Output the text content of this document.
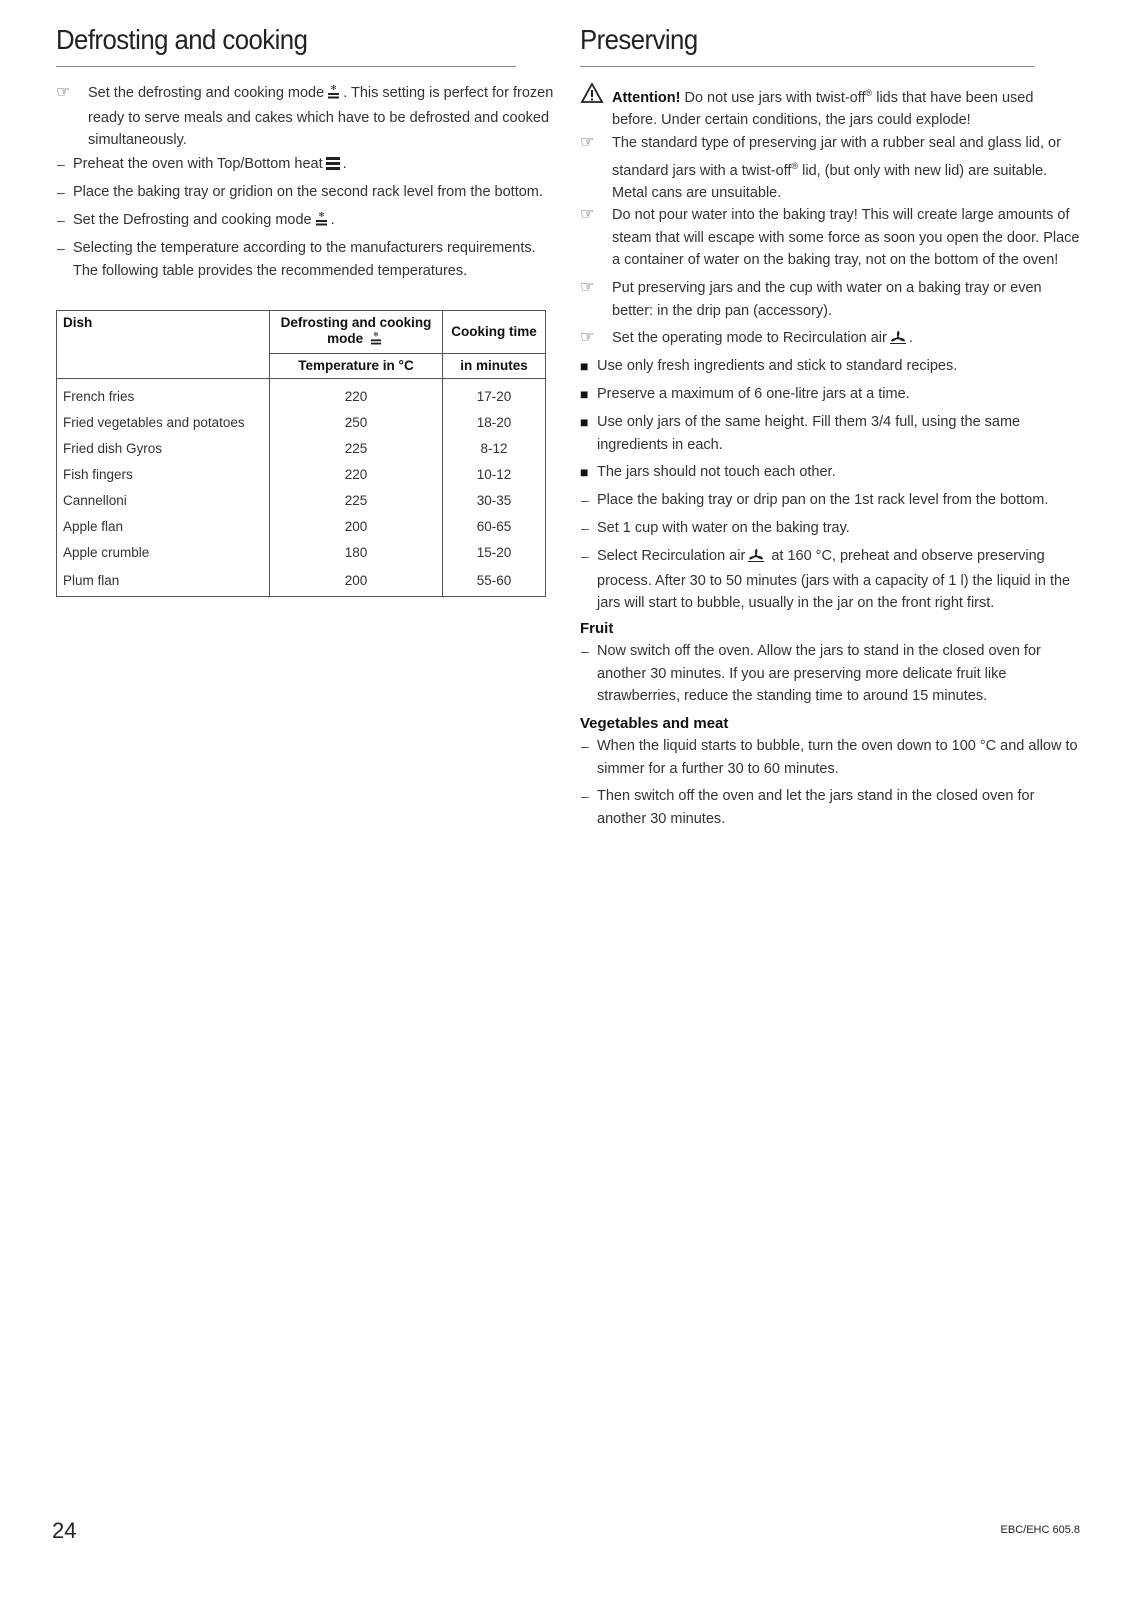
Defrosting and cooking
☞	Set the defrosting and cooking mode ✻ . This setting is perfect for frozen ready to serve meals and cakes which have to be defrosted and cooked simultaneously.
– Preheat the oven with Top/Bottom heat .
– Place the baking tray or gridion on the second rack level from the bottom.
– Set the Defrosting and cooking mode ✻ .
– Selecting the temperature according to the manufacturers requirements. The following table provides the recommended temperatures.
Dish	Defrosting and cooking mode ✻	Cooking time
	Temperature in °C	in minutes
French fries	220	17-20
Fried vegetables and potatoes	250	18-20
Fried dish Gyros	225	8-12
Fish fingers	220	10-12
Cannelloni	225	30-35
Apple flan	200	60-65
Apple crumble	180	15-20
Plum flan	200	55-60
Preserving
Attention! Do not use jars with twist-off® lids that have been used before. Under certain conditions, the jars could explode!
☞	The standard type of preserving jar with a rubber seal and glass lid, or standard jars with a twist-off® lid, (but only with new lid) are suitable. Metal cans are unsuitable.
☞	Do not pour water into the baking tray! This will create large amounts of steam that will escape with some force as soon you open the door. Place a container of water on the baking tray, not on the bottom of the oven!
☞	Put preserving jars and the cup with water on a baking tray or even better: in the drip pan (accessory).
☞	Set the operating mode to Recirculation air .
■ Use only fresh ingredients and stick to standard recipes.
■ Preserve a maximum of 6 one-litre jars at a time.
■ Use only jars of the same height. Fill them 3/4 full, using the same ingredients in each.
■ The jars should not touch each other.
– Place the baking tray or drip pan on the 1st rack level from the bottom.
– Set 1 cup with water on the baking tray.
– Select Recirculation air at 160 °C, preheat and observe preserving process. After 30 to 50 minutes (jars with a capacity of 1 l) the liquid in the jars will start to bubble, usually in the jar on the front right first.
Fruit
– Now switch off the oven. Allow the jars to stand in the closed oven for another 30 minutes. If you are preserving more delicate fruit like strawberries, reduce the standing time to around 15 minutes.
Vegetables and meat
– When the liquid starts to bubble, turn the oven down to 100 °C and allow to simmer for a further 30 to 60 minutes.
– Then switch off the oven and let the jars stand in the closed oven for another 30 minutes.
24	EBC/EHC 605.8
